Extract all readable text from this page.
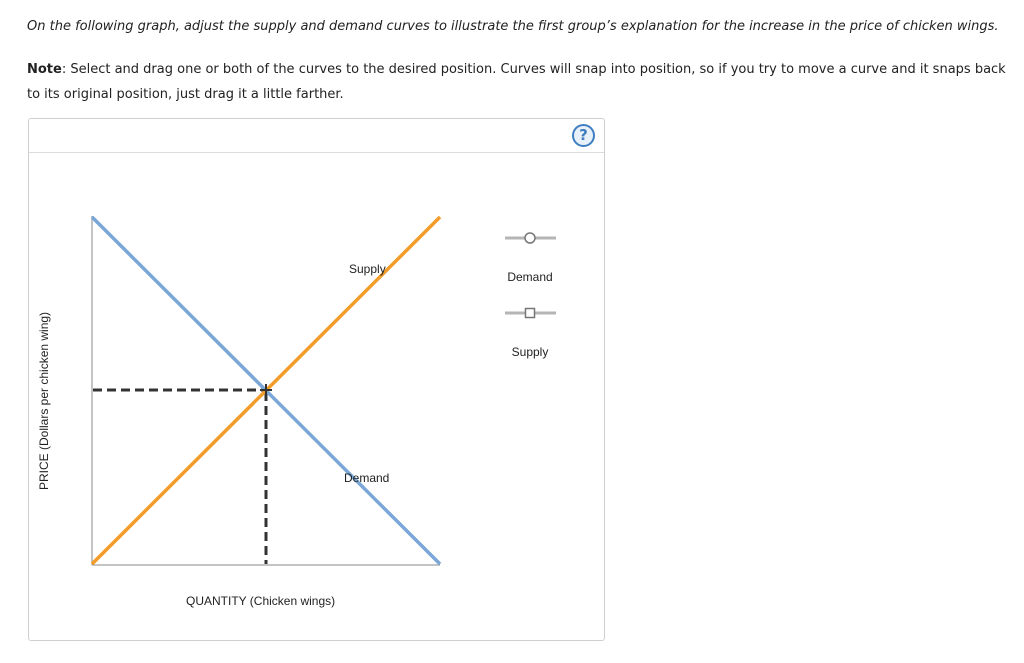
On the following graph, adjust the supply and demand curves to illustrate the first group’s explanation for the increase in the price of chicken wings.

Note: Select and drag one or both of the curves to the desired position. Curves will snap into position, so if you try to move a curve and it snaps back to its original position, just drag it a little farther.

Supply
Demand
QUANTITY (Chicken wings)
PRICE (Dollars per chicken wing)
Demand
Supply
?
